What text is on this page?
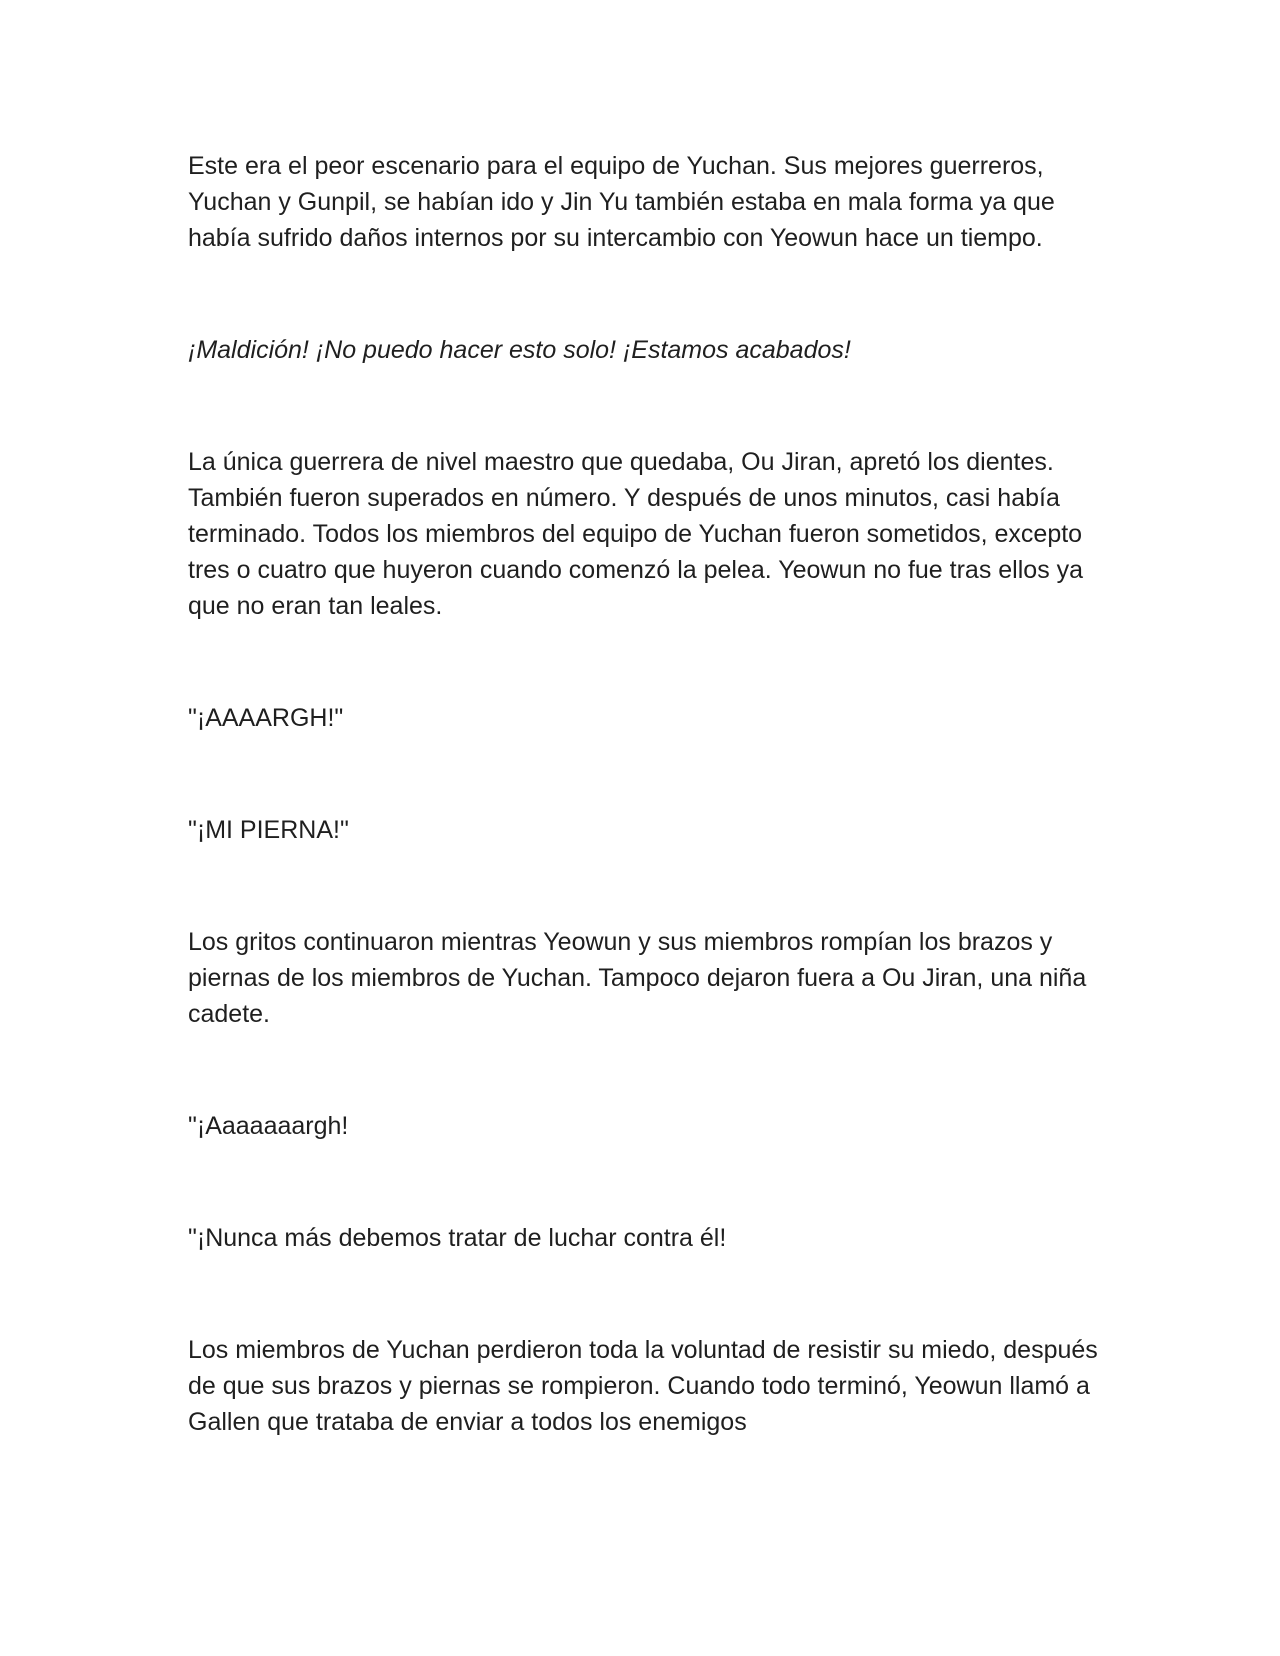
Este era el peor escenario para el equipo de Yuchan. Sus mejores guerreros, Yuchan y Gunpil, se habían ido y Jin Yu también estaba en mala forma ya que había sufrido daños internos por su intercambio con Yeowun hace un tiempo.

¡Maldición! ¡No puedo hacer esto solo! ¡Estamos acabados!

La única guerrera de nivel maestro que quedaba, Ou Jiran, apretó los dientes. También fueron superados en número. Y después de unos minutos, casi había terminado. Todos los miembros del equipo de Yuchan fueron sometidos, excepto tres o cuatro que huyeron cuando comenzó la pelea. Yeowun no fue tras ellos ya que no eran tan leales.

"¡AAAARGH!"

"¡MI PIERNA!"

Los gritos continuaron mientras Yeowun y sus miembros rompían los brazos y piernas de los miembros de Yuchan. Tampoco dejaron fuera a Ou Jiran, una niña cadete.

"¡Aaaaaaargh!

"¡Nunca más debemos tratar de luchar contra él!

Los miembros de Yuchan perdieron toda la voluntad de resistir su miedo, después de que sus brazos y piernas se rompieron. Cuando todo terminó, Yeowun llamó a Gallen que trataba de enviar a todos los enemigos
